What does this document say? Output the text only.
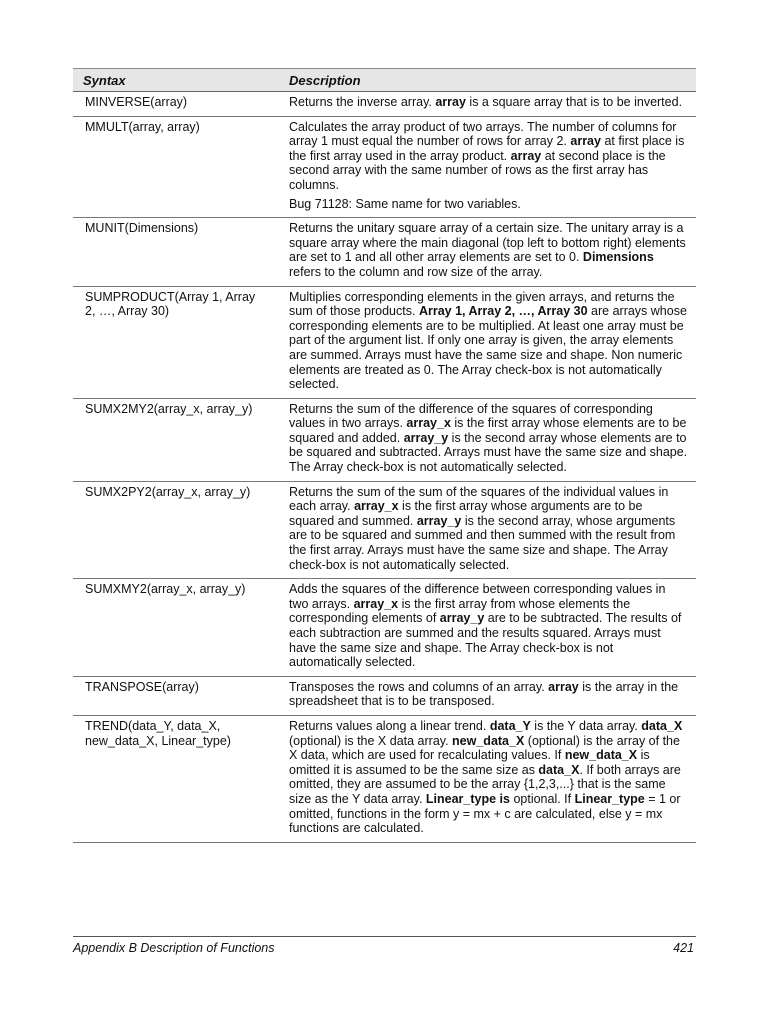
Syntax	Description
MINVERSE(array)	Returns the inverse array. array is a square array that is to be inverted.

MMULT(array, array)	Calculates the array product of two arrays. The number of columns for array 1 must equal the number of rows for array 2. array at first place is the first array used in the array product. array at second place is the second array with the same number of rows as the first array has columns.

Bug 71128: Same name for two variables.

MUNIT(Dimensions)	Returns the unitary square array of a certain size. The unitary array is a square array where the main diagonal (top left to bottom right) elements are set to 1 and all other array elements are set to 0. Dimensions refers to the column and row size of the array.

SUMPRODUCT(Array 1, Array 2, …, Array 30)	Multiplies corresponding elements in the given arrays, and returns the sum of those products. Array 1, Array 2, …, Array 30 are arrays whose corresponding elements are to be multiplied. At least one array must be part of the argument list. If only one array is given, the array elements are summed. Arrays must have the same size and shape. Non numeric elements are treated as 0. The Array check-box is not automatically selected.

SUMX2MY2(array_x, array_y)	Returns the sum of the difference of the squares of corresponding values in two arrays. array_x is the first array whose elements are to be squared and added. array_y is the second array whose elements are to be squared and subtracted. Arrays must have the same size and shape. The Array check-box is not automatically selected.

SUMX2PY2(array_x, array_y)	Returns the sum of the sum of the squares of the individual values in each array. array_x is the first array whose arguments are to be squared and summed. array_y is the second array, whose arguments are to be squared and summed and then summed with the result from the first array. Arrays must have the same size and shape. The Array check-box is not automatically selected.

SUMXMY2(array_x, array_y)	Adds the squares of the difference between corresponding values in two arrays. array_x is the first array from whose elements the corresponding elements of array_y are to be subtracted. The results of each subtraction are summed and the results squared. Arrays must have the same size and shape. The Array check-box is not automatically selected.

TRANSPOSE(array)	Transposes the rows and columns of an array. array is the array in the spreadsheet that is to be transposed.

TREND(data_Y, data_X, new_data_X, Linear_type)	Returns values along a linear trend. data_Y is the Y data array. data_X (optional) is the X data array. new_data_X (optional) is the array of the X data, which are used for recalculating values. If new_data_X is omitted it is assumed to be the same size as data_X. If both arrays are omitted, they are assumed to be the array {1,2,3,...} that is the same size as the Y data array. Linear_type is optional. If Linear_type = 1 or omitted, functions in the form y = mx + c are calculated, else y = mx functions are calculated.

Appendix B Description of Functions	421
